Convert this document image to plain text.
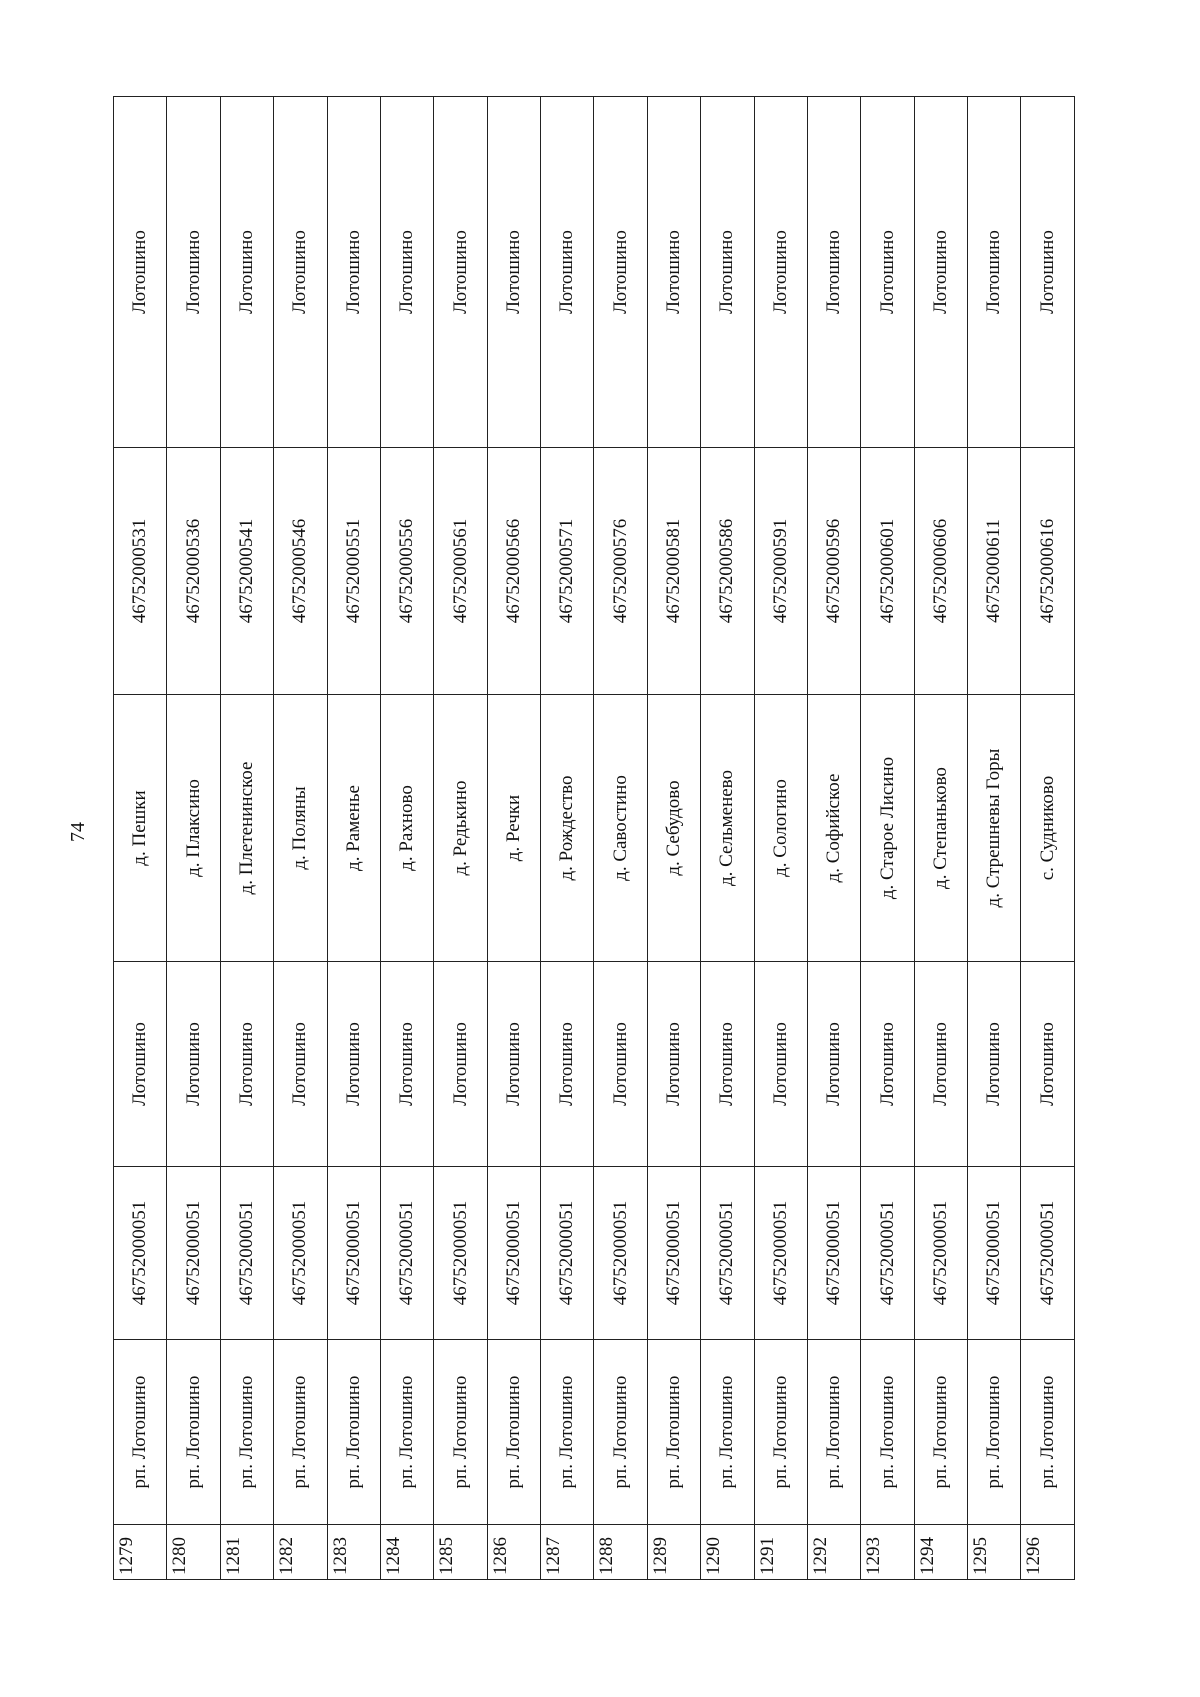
74
1279	рп. Лотошино	46752000051	Лотошино	д. Пешки	46752000531	Лотошино
1280	рп. Лотошино	46752000051	Лотошино	д. Плаксино	46752000536	Лотошино
1281	рп. Лотошино	46752000051	Лотошино	д. Плетенинское	46752000541	Лотошино
1282	рп. Лотошино	46752000051	Лотошино	д. Поляны	46752000546	Лотошино
1283	рп. Лотошино	46752000051	Лотошино	д. Раменье	46752000551	Лотошино
1284	рп. Лотошино	46752000051	Лотошино	д. Рахново	46752000556	Лотошино
1285	рп. Лотошино	46752000051	Лотошино	д. Редькино	46752000561	Лотошино
1286	рп. Лотошино	46752000051	Лотошино	д. Речки	46752000566	Лотошино
1287	рп. Лотошино	46752000051	Лотошино	д. Рождество	46752000571	Лотошино
1288	рп. Лотошино	46752000051	Лотошино	д. Савостино	46752000576	Лотошино
1289	рп. Лотошино	46752000051	Лотошино	д. Себудово	46752000581	Лотошино
1290	рп. Лотошино	46752000051	Лотошино	д. Сельменево	46752000586	Лотошино
1291	рп. Лотошино	46752000051	Лотошино	д. Сологино	46752000591	Лотошино
1292	рп. Лотошино	46752000051	Лотошино	д. Софийское	46752000596	Лотошино
1293	рп. Лотошино	46752000051	Лотошино	д. Старое Лисино	46752000601	Лотошино
1294	рп. Лотошино	46752000051	Лотошино	д. Степаньково	46752000606	Лотошино
1295	рп. Лотошино	46752000051	Лотошино	д. Стрешневы Горы	46752000611	Лотошино
1296	рп. Лотошино	46752000051	Лотошино	с. Судниково	46752000616	Лотошино
